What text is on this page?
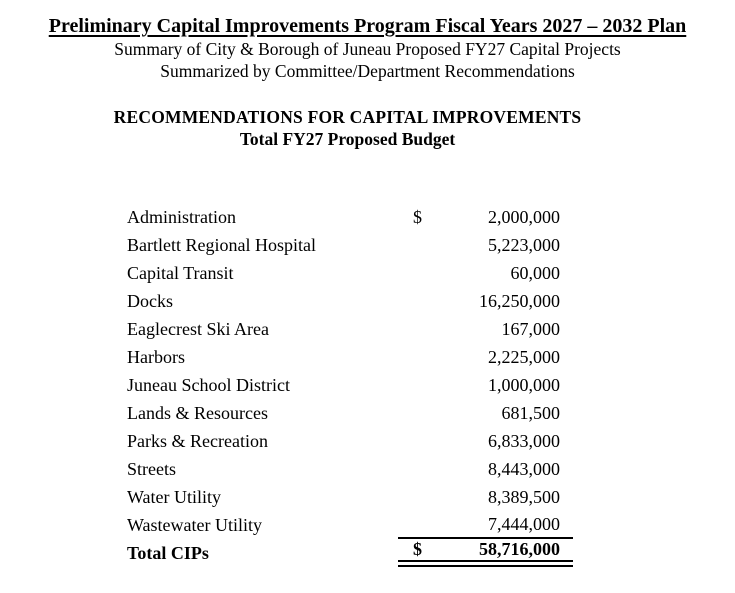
Preliminary Capital Improvements Program Fiscal Years 2027 – 2032 Plan
Summary of City & Borough of Juneau Proposed FY27 Capital Projects
Summarized by Committee/Department Recommendations
RECOMMENDATIONS FOR CAPITAL IMPROVEMENTS
Total FY27 Proposed Budget
Administration	$	2,000,000
Bartlett Regional Hospital	5,223,000
Capital Transit	60,000
Docks	16,250,000
Eaglecrest Ski Area	167,000
Harbors	2,225,000
Juneau School District	1,000,000
Lands & Resources	681,500
Parks & Recreation	6,833,000
Streets	8,443,000
Water Utility	8,389,500
Wastewater Utility	7,444,000
Total CIPs	$	58,716,000
